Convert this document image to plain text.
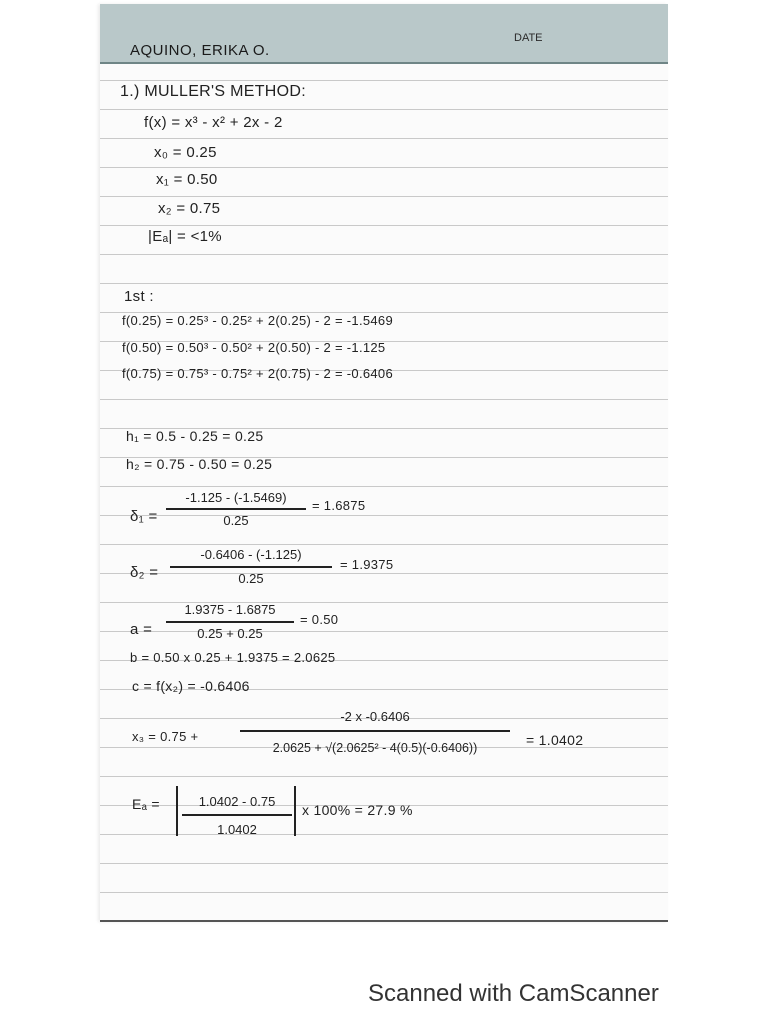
DATE
AQUINO, ERIKA O.
1.) MULLER'S METHOD:
f(x) = x³ - x² + 2x - 2
x₀ = 0.25
x₁ = 0.50
x₂ = 0.75
|Eₐ| = <1%
1st :
f(0.25) = 0.25³ - 0.25² + 2(0.25) - 2 = -1.5469
f(0.50) = 0.50³ - 0.50² + 2(0.50) - 2 = -1.125
f(0.75) = 0.75³ - 0.75² + 2(0.75) - 2 = -0.6406
h₁ = 0.5 - 0.25 = 0.25
h₂ = 0.75 - 0.50 = 0.25
δ₁ =
-1.125 - (-1.5469)
0.25
= 1.6875
δ₂ =
-0.6406 - (-1.125)
0.25
= 1.9375
a =
1.9375 - 1.6875
0.25 + 0.25
= 0.50
b = 0.50 x 0.25 + 1.9375 = 2.0625
c = f(x₂) = -0.6406
x₃ = 0.75 +
-2 x -0.6406
2.0625 + √(2.0625² - 4(0.5)(-0.6406))	= 1.0402
Eₐ =	1.0402 - 0.75
1.0402
x 100% = 27.9 %
Scanned with CamScanner
